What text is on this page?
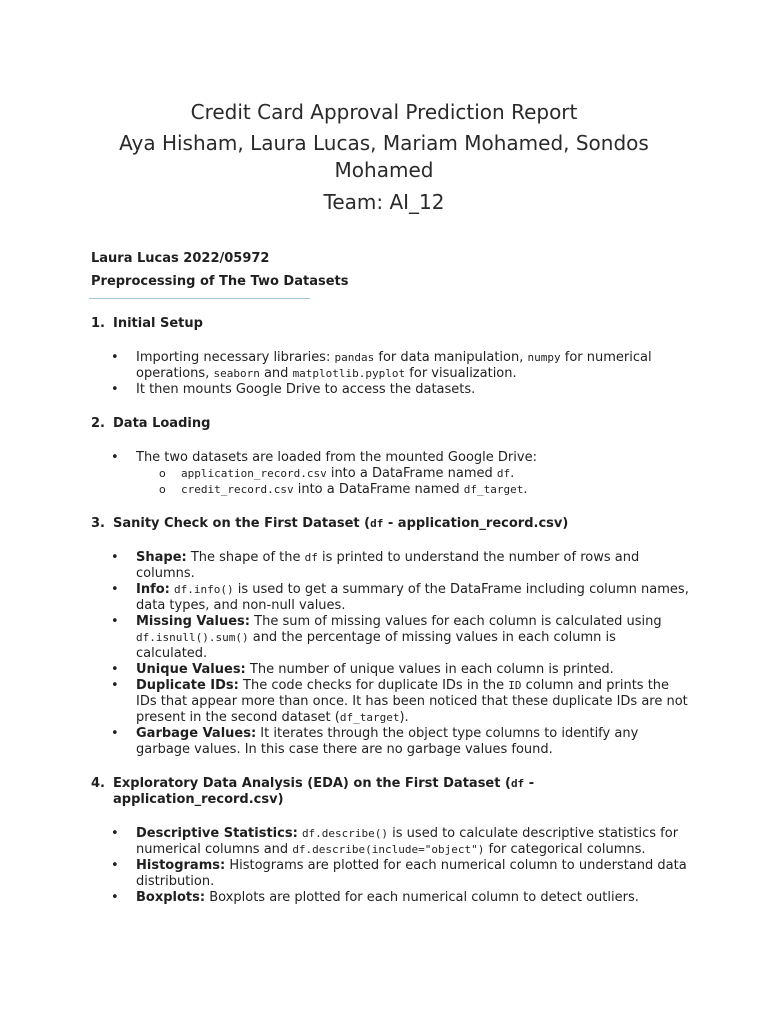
Credit Card Approval Prediction Report
Aya Hisham, Laura Lucas, Mariam Mohamed, Sondos Mohamed
Team: AI_12
Laura Lucas 2022/05972
Preprocessing of The Two Datasets
1. Initial Setup
• Importing necessary libraries: pandas for data manipulation, numpy for numerical operations, seaborn and matplotlib.pyplot for visualization.
• It then mounts Google Drive to access the datasets.
2. Data Loading
• The two datasets are loaded from the mounted Google Drive:
o application_record.csv into a DataFrame named df.
o credit_record.csv into a DataFrame named df_target.
3. Sanity Check on the First Dataset (df - application_record.csv)
• Shape: The shape of the df is printed to understand the number of rows and columns.
• Info: df.info() is used to get a summary of the DataFrame including column names, data types, and non-null values.
• Missing Values: The sum of missing values for each column is calculated using df.isnull().sum() and the percentage of missing values in each column is calculated.
• Unique Values: The number of unique values in each column is printed.
• Duplicate IDs: The code checks for duplicate IDs in the ID column and prints the IDs that appear more than once. It has been noticed that these duplicate IDs are not present in the second dataset (df_target).
• Garbage Values: It iterates through the object type columns to identify any garbage values. In this case there are no garbage values found.
4. Exploratory Data Analysis (EDA) on the First Dataset (df - application_record.csv)
• Descriptive Statistics: df.describe() is used to calculate descriptive statistics for numerical columns and df.describe(include="object") for categorical columns.
• Histograms: Histograms are plotted for each numerical column to understand data distribution.
• Boxplots: Boxplots are plotted for each numerical column to detect outliers.
